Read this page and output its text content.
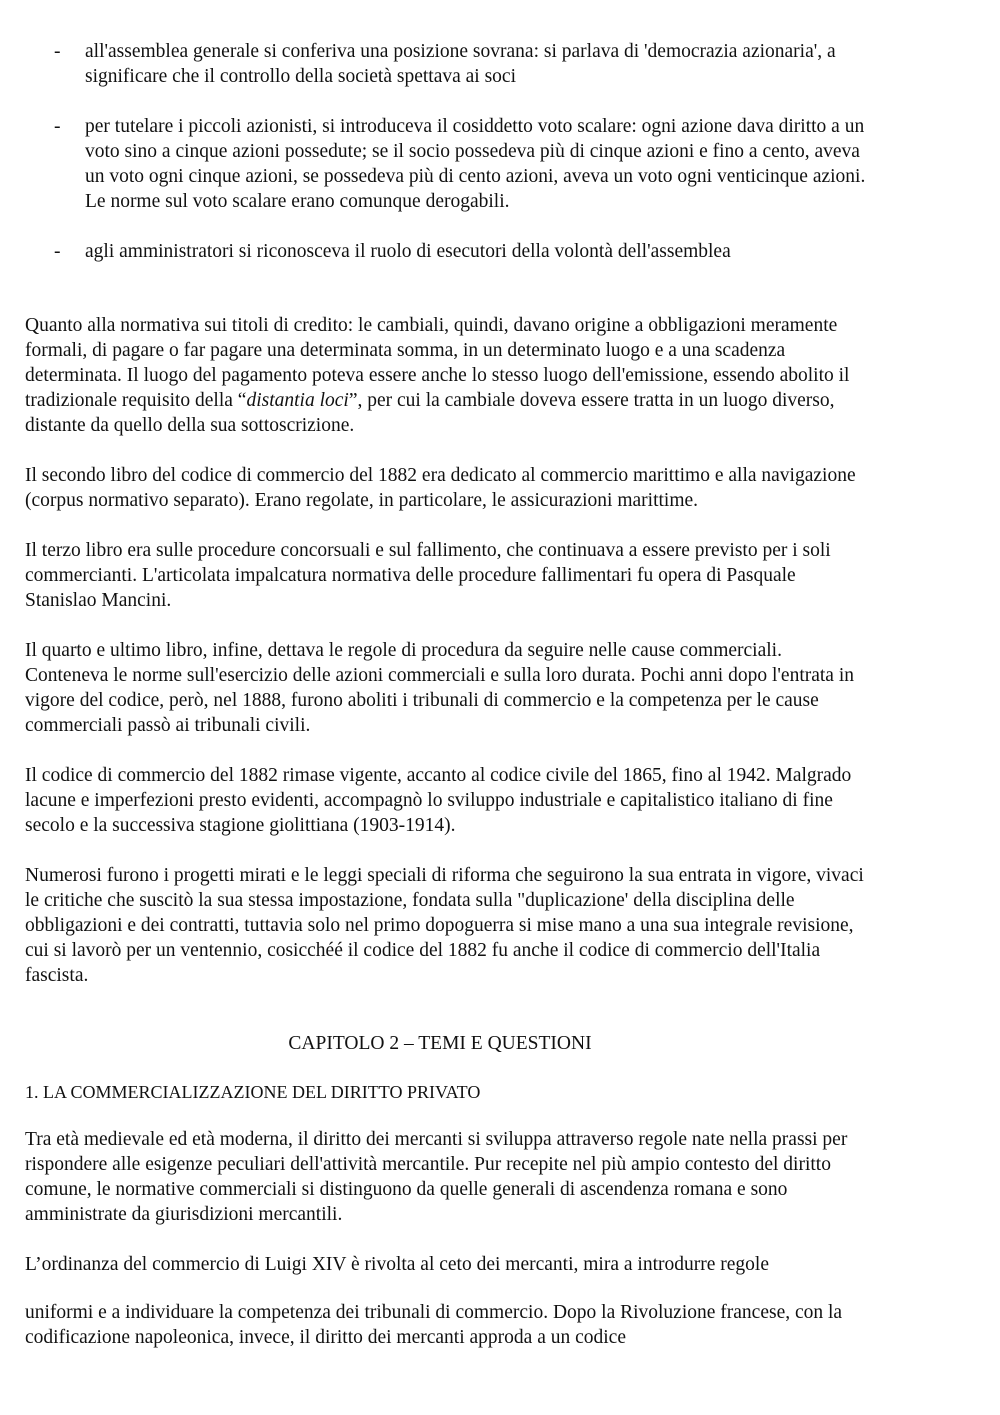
- all'assemblea generale si conferiva una posizione sovrana: si parlava di 'democrazia azionaria', a significare che il controllo della società spettava ai soci
- per tutelare i piccoli azionisti, si introduceva il cosiddetto voto scalare: ogni azione dava diritto a un voto sino a cinque azioni possedute; se il socio possedeva più di cinque azioni e fino a cento, aveva un voto ogni cinque azioni, se possedeva più di cento azioni, aveva un voto ogni venticinque azioni. Le norme sul voto scalare erano comunque derogabili.
- agli amministratori si riconosceva il ruolo di esecutori della volontà dell'assemblea

Quanto alla normativa sui titoli di credito: le cambiali, quindi, davano origine a obbligazioni meramente formali, di pagare o far pagare una determinata somma, in un determinato luogo e a una scadenza determinata. Il luogo del pagamento poteva essere anche lo stesso luogo dell'emissione, essendo abolito il tradizionale requisito della “distantia loci”, per cui la cambiale doveva essere tratta in un luogo diverso, distante da quello della sua sottoscrizione.

Il secondo libro del codice di commercio del 1882 era dedicato al commercio marittimo e alla navigazione (corpus normativo separato). Erano regolate, in particolare, le assicurazioni marittime.

Il terzo libro era sulle procedure concorsuali e sul fallimento, che continuava a essere previsto per i soli commercianti. L'articolata impalcatura normativa delle procedure fallimentari fu opera di Pasquale Stanislao Mancini.

Il quarto e ultimo libro, infine, dettava le regole di procedura da seguire nelle cause commerciali. Conteneva le norme sull'esercizio delle azioni commerciali e sulla loro durata. Pochi anni dopo l'entrata in vigore del codice, però, nel 1888, furono aboliti i tribunali di commercio e la competenza per le cause commerciali passò ai tribunali civili.

Il codice di commercio del 1882 rimase vigente, accanto al codice civile del 1865, fino al 1942. Malgrado lacune e imperfezioni presto evidenti, accompagnò lo sviluppo industriale e capitalistico italiano di fine secolo e la successiva stagione giolittiana (1903-1914).

Numerosi furono i progetti mirati e le leggi speciali di riforma che seguirono la sua entrata in vigore, vivaci le critiche che suscitò la sua stessa impostazione, fondata sulla "duplicazione' della disciplina delle obbligazioni e dei contratti, tuttavia solo nel primo dopoguerra si mise mano a una sua integrale revisione, cui si lavorò per un ventennio, cosicchéé il codice del 1882 fu anche il codice di commercio dell'Italia fascista.

CAPITOLO 2 – TEMI E QUESTIONI
1. LA COMMERCIALIZZAZIONE DEL DIRITTO PRIVATO

Tra età medievale ed età moderna, il diritto dei mercanti si sviluppa attraverso regole nate nella prassi per rispondere alle esigenze peculiari dell'attività mercantile. Pur recepite nel più ampio contesto del diritto comune, le normative commerciali si distinguono da quelle generali di ascendenza romana e sono amministrate da giurisdizioni mercantili.

L’ordinanza del commercio di Luigi XIV è rivolta al ceto dei mercanti, mira a introdurre regole

uniformi e a individuare la competenza dei tribunali di commercio. Dopo la Rivoluzione francese, con la codificazione napoleonica, invece, il diritto dei mercanti approda a un codice
